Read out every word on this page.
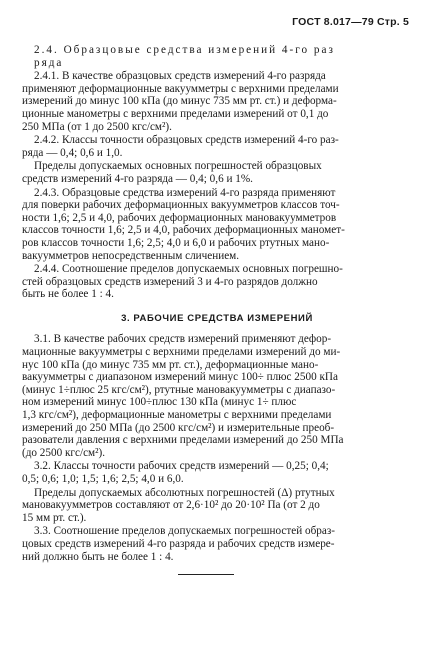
ГОСТ 8.017—79 Стр. 5
2.4. Образцовые средства измерений 4-го раз
ряда
2.4.1. В качестве образцовых средств измерений 4-го разряда
применяют деформационные вакуумметры с верхними пределами
измерений до минус 100 кПа (до минус 735 мм рт. ст.) и деформа-
ционные манометры с верхними пределами измерений от 0,1 до
250 МПа (от 1 до 2500 кгс/см²).
2.4.2. Классы точности образцовых средств измерений 4-го раз-
ряда — 0,4; 0,6 и 1,0.
Пределы допускаемых основных погрешностей образцовых
средств измерений 4-го разряда — 0,4; 0,6 и 1%.
2.4.3. Образцовые средства измерений 4-го разряда применяют
для поверки рабочих деформационных вакуумметров классов точ-
ности 1,6; 2,5 и 4,0, рабочих деформационных мановакуумметров
классов точности 1,6; 2,5 и 4,0, рабочих деформационных маномет-
ров классов точности 1,6; 2,5; 4,0 и 6,0 и рабочих ртутных мано-
вакуумметров непосредственным сличением.
2.4.4. Соотношение пределов допускаемых основных погрешно-
стей образцовых средств измерений 3 и 4-го разрядов должно
быть не более 1 : 4.
3. РАБОЧИЕ СРЕДСТВА ИЗМЕРЕНИЙ
3.1. В качестве рабочих средств измерений применяют дефор-
мационные вакуумметры с верхними пределами измерений до ми-
нус 100 кПа (до минус 735 мм рт. ст.), деформационные мано-
вакуумметры с диапазоном измерений минус 100÷ плюс 2500 кПа
(минус 1÷плюс 25 кгс/см²), ртутные мановакуумметры с диапазо-
ном измерений минус 100÷плюс 130 кПа (минус 1÷ плюс
1,3 кгс/см²), деформационные манометры с верхними пределами
измерений до 250 МПа (до 2500 кгс/см²) и измерительные преоб-
разователи давления с верхними пределами измерений до 250 МПа
(до 2500 кгс/см²).
3.2. Классы точности рабочих средств измерений — 0,25; 0,4;
0,5; 0,6; 1,0; 1,5; 1,6; 2,5; 4,0 и 6,0.
Пределы допускаемых абсолютных погрешностей (Δ) ртутных
мановакуумметров составляют от 2,6·10² до 20·10² Па (от 2 до
15 мм рт. ст.).
3.3. Соотношение пределов допускаемых погрешностей образ-
цовых средств измерений 4-го разряда и рабочих средств измере-
ний должно быть не более 1 : 4.
